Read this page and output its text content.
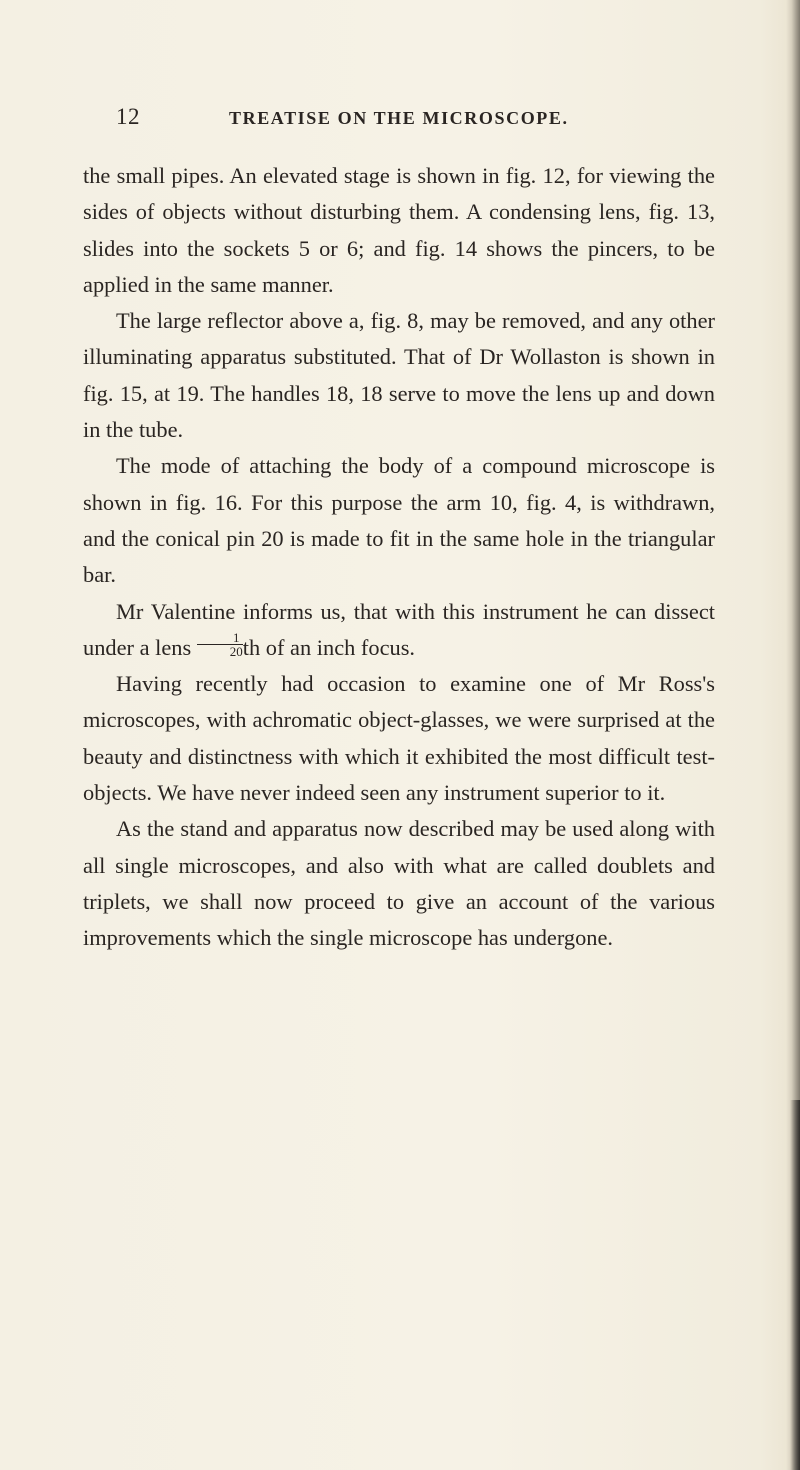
12	TREATISE ON THE MICROSCOPE.

the small pipes. An elevated stage is shown in fig. 12, for viewing the sides of objects without disturbing them. A condensing lens, fig. 13, slides into the sockets 5 or 6; and fig. 14 shows the pincers, to be applied in the same manner.

The large reflector above a, fig. 8, may be removed, and any other illuminating apparatus substituted. That of Dr Wollaston is shown in fig. 15, at 19. The handles 18, 18 serve to move the lens up and down in the tube.

The mode of attaching the body of a compound microscope is shown in fig. 16. For this purpose the arm 10, fig. 4, is withdrawn, and the conical pin 20 is made to fit in the same hole in the triangular bar.

Mr Valentine informs us, that with this instrument he can dissect under a lens $\frac{1}{20}$ th of an inch focus.

Having recently had occasion to examine one of Mr Ross's microscopes, with achromatic object-glasses, we were surprised at the beauty and distinctness with which it exhibited the most difficult test-objects. We have never indeed seen any instrument superior to it.

As the stand and apparatus now described may be used along with all single microscopes, and also with what are called doublets and triplets, we shall now proceed to give an account of the various improvements which the single microscope has undergone.
